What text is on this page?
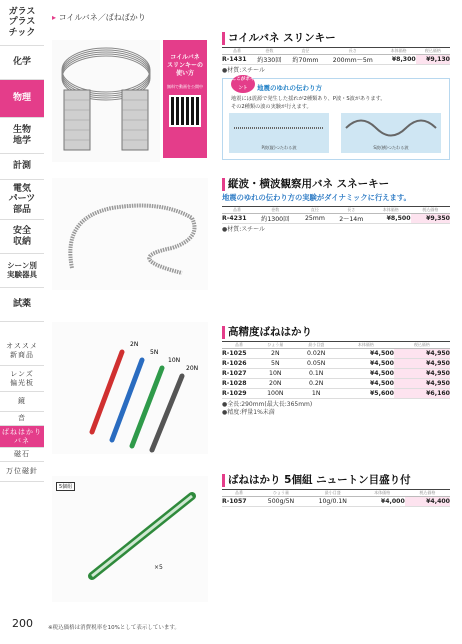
ガラス
プラス
チック
化学
物理
生物
地学
計測
電気
パーツ
部品
安全
収納
シーン別
実験器具
試薬
オススメ
新商品
レンズ
偏光板
鏡
音
ばねはかり
バネ
磁石
万位磁針
▸ コイルバネ／ばねばかり
コイルバネ
スリンキーの
使い方
無料で動画を公開中
コイルバネ スリンキー
品番	巻数	直径	長さ	本体価格	税込価格
R-1431	約330回	約70mm	200mm〜5m	¥8,300	¥9,130
●材質:スチール
ここがポイント	地震のゆれの伝わり方
地震には震源で発生した揺れが2種類あり、P波・S波があります。
その2種類の波の実験が行えます。
P波(縦)つたわる波	S波(横)つたわる波
縦波・横波観察用バネ スネーキー
地震のゆれの伝わり方の実験がダイナミックに行えます。
品番	巻数	直径	長さ	本体価格	税込価格
R-4231	約1300回	25mm	2〜14m	¥8,500	¥9,350
●材質:スチール
2N
5N
10N
20N
高精度ばねはかり
品番	ひょう量	最小目盛	本体価格	税込価格
R-1025	2N	0.02N	¥4,500	¥4,950
R-1026	5N	0.05N	¥4,500	¥4,950
R-1027	10N	0.1N	¥4,500	¥4,950
R-1028	20N	0.2N	¥4,500	¥4,950
R-1029	100N	1N	¥5,600	¥6,160
●全長:290mm(最大長:365mm)
●精度:秤量1%未満
×5
5個組
ばねはかり 5個組 ニュートン目盛り付
品番	ひょう量	最小目盛	本体価格	税込価格
R-1057	500g/5N	10g/0.1N	¥4,000	¥4,400
200	※税込価格は消費税率を10%として表示しています。
